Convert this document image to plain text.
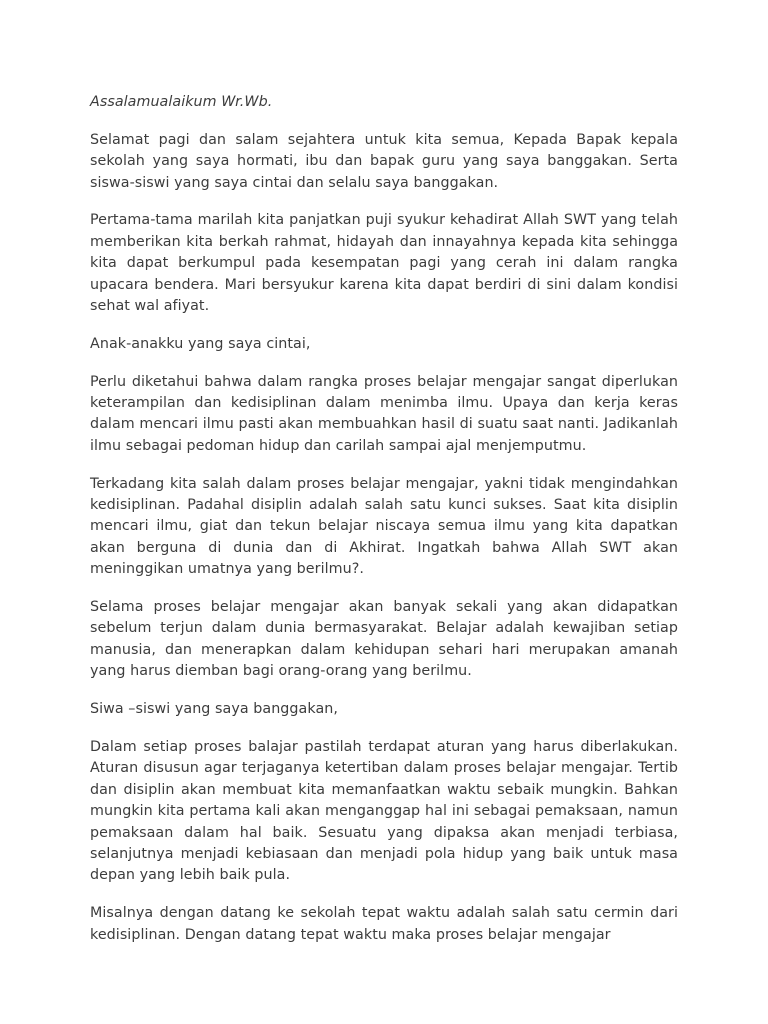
Assalamualaikum Wr.Wb.

Selamat pagi dan salam sejahtera untuk kita semua, Kepada Bapak kepala sekolah yang saya hormati, ibu dan bapak guru yang saya banggakan. Serta siswa-siswi yang saya cintai dan selalu saya banggakan.

Pertama-tama marilah kita panjatkan puji syukur kehadirat Allah SWT yang telah memberikan kita berkah rahmat, hidayah dan innayahnya kepada kita sehingga kita dapat berkumpul pada kesempatan pagi yang cerah ini dalam rangka upacara bendera. Mari bersyukur karena kita dapat berdiri di sini dalam kondisi sehat wal afiyat.

Anak-anakku yang saya cintai,

Perlu diketahui bahwa dalam rangka proses belajar mengajar sangat diperlukan keterampilan dan kedisiplinan dalam menimba ilmu. Upaya dan kerja keras dalam mencari ilmu pasti akan membuahkan hasil di suatu saat nanti. Jadikanlah ilmu sebagai pedoman hidup dan carilah sampai ajal menjemputmu.

Terkadang kita salah dalam proses belajar mengajar, yakni tidak mengindahkan kedisiplinan. Padahal disiplin adalah salah satu kunci sukses. Saat kita disiplin mencari ilmu, giat dan tekun belajar niscaya semua ilmu yang kita dapatkan akan berguna di dunia dan di Akhirat. Ingatkah bahwa Allah SWT akan meninggikan umatnya yang berilmu?.

Selama proses belajar mengajar akan banyak sekali yang akan didapatkan sebelum terjun dalam dunia bermasyarakat. Belajar adalah kewajiban setiap manusia, dan menerapkan dalam kehidupan sehari hari merupakan amanah yang harus diemban bagi orang-orang yang berilmu.

Siwa –siswi yang saya banggakan,

Dalam setiap proses balajar pastilah terdapat aturan yang harus diberlakukan. Aturan disusun agar terjaganya ketertiban dalam proses belajar mengajar. Tertib dan disiplin akan membuat kita memanfaatkan waktu sebaik mungkin. Bahkan mungkin kita pertama kali akan menganggap hal ini sebagai pemaksaan, namun pemaksaan dalam hal baik. Sesuatu yang dipaksa akan menjadi terbiasa, selanjutnya menjadi kebiasaan dan menjadi pola hidup yang baik untuk masa depan yang lebih baik pula.

Misalnya dengan datang ke sekolah tepat waktu adalah salah satu cermin dari kedisiplinan. Dengan datang tepat waktu maka proses belajar mengajar
